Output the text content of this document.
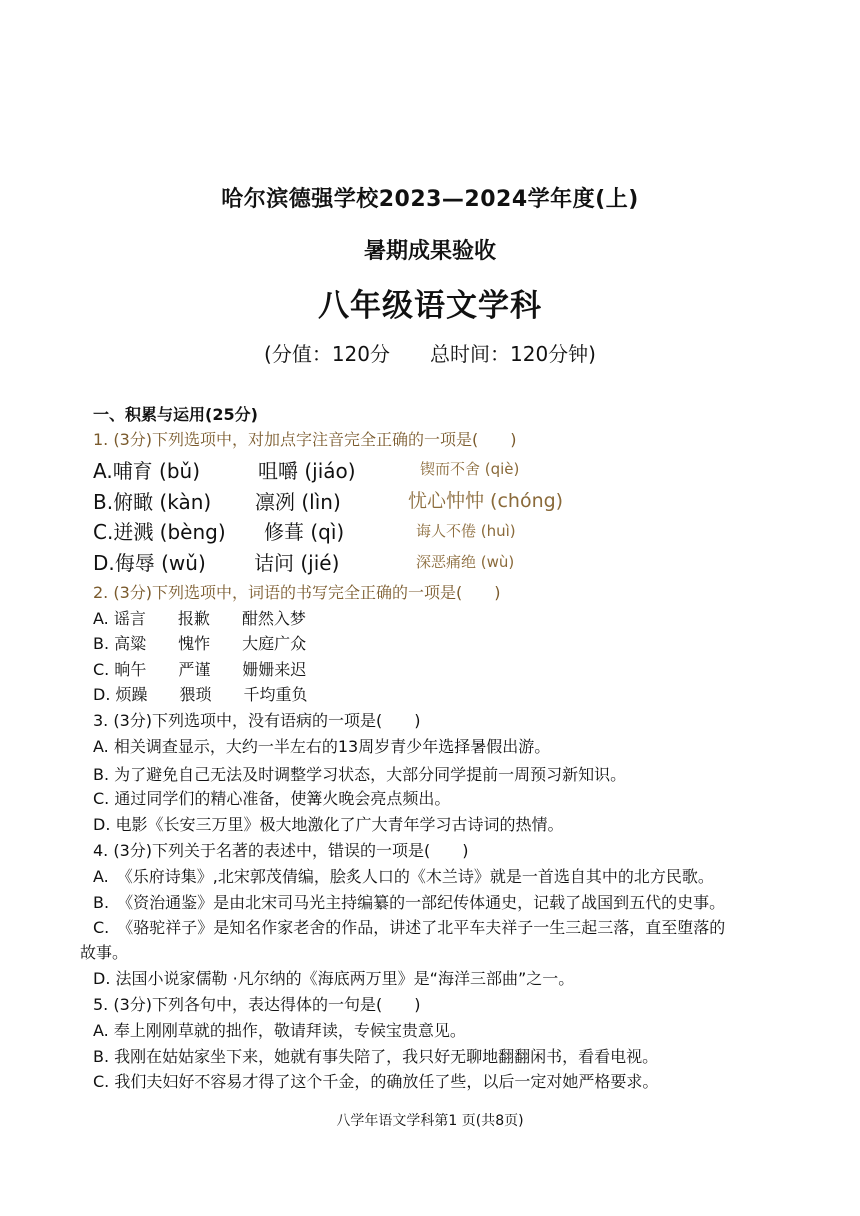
哈尔滨德强学校2023—2024学年度(上)
暑期成果验收
八年级语文学科
(分值：120分　　总时间：120分钟)
一、积累与运用(25分)
1. (3分)下列选项中，对加点字注音完全正确的一项是(　　)
A.哺育 (bǔ)	咀嚼 (jiáo)	锲而不舍 (qiè)
B.俯瞰 (kàn) 凛冽 (lìn)	忧心忡忡 (chóng)
C.迸溅 (bèng) 修葺 (qì)	诲人不倦 (huì)
D.侮辱 (wǔ) 诘问 (jié)	深恶痛绝 (wù)
2. (3分)下列选项中，词语的书写完全正确的一项是(　　)
A. 谣言　　报歉　　酣然入梦
B. 高粱　　愧怍　　大庭广众
C. 晌午　　严谨　　姗姗来迟
D. 烦躁　　猥琐　　千均重负
3. (3分)下列选项中，没有语病的一项是(　　)
A. 相关调查显示，大约一半左右的13周岁青少年选择暑假出游。
B. 为了避免自己无法及时调整学习状态，大部分同学提前一周预习新知识。
C. 通过同学们的精心准备，使篝火晚会亮点频出。
D. 电影《长安三万里》极大地激化了广大青年学习古诗词的热情。
4. (3分)下列关于名著的表述中，错误的一项是(　　)
A.　《乐府诗集》,北宋郭茂倩编，脍炙人口的《木兰诗》就是一首选自其中的北方民歌。
B.　《资治通鉴》是由北宋司马光主持编纂的一部纪传体通史，记载了战国到五代的史事。
C.　《骆驼祥子》是知名作家老舍的作品，讲述了北平车夫祥子一生三起三落，直至堕落的
故事。
D. 法国小说家儒勒 ·凡尔纳的《海底两万里》是“海洋三部曲”之一。
5. (3分)下列各句中，表达得体的一句是(　　)
A. 奉上刚刚草就的拙作，敬请拜读，专候宝贵意见。
B. 我刚在姑姑家坐下来，她就有事失陪了，我只好无聊地翻翻闲书，看看电视。
C. 我们夫妇好不容易才得了这个千金，的确放任了些，以后一定对她严格要求。
八学年语文学科第1 页(共8页)
